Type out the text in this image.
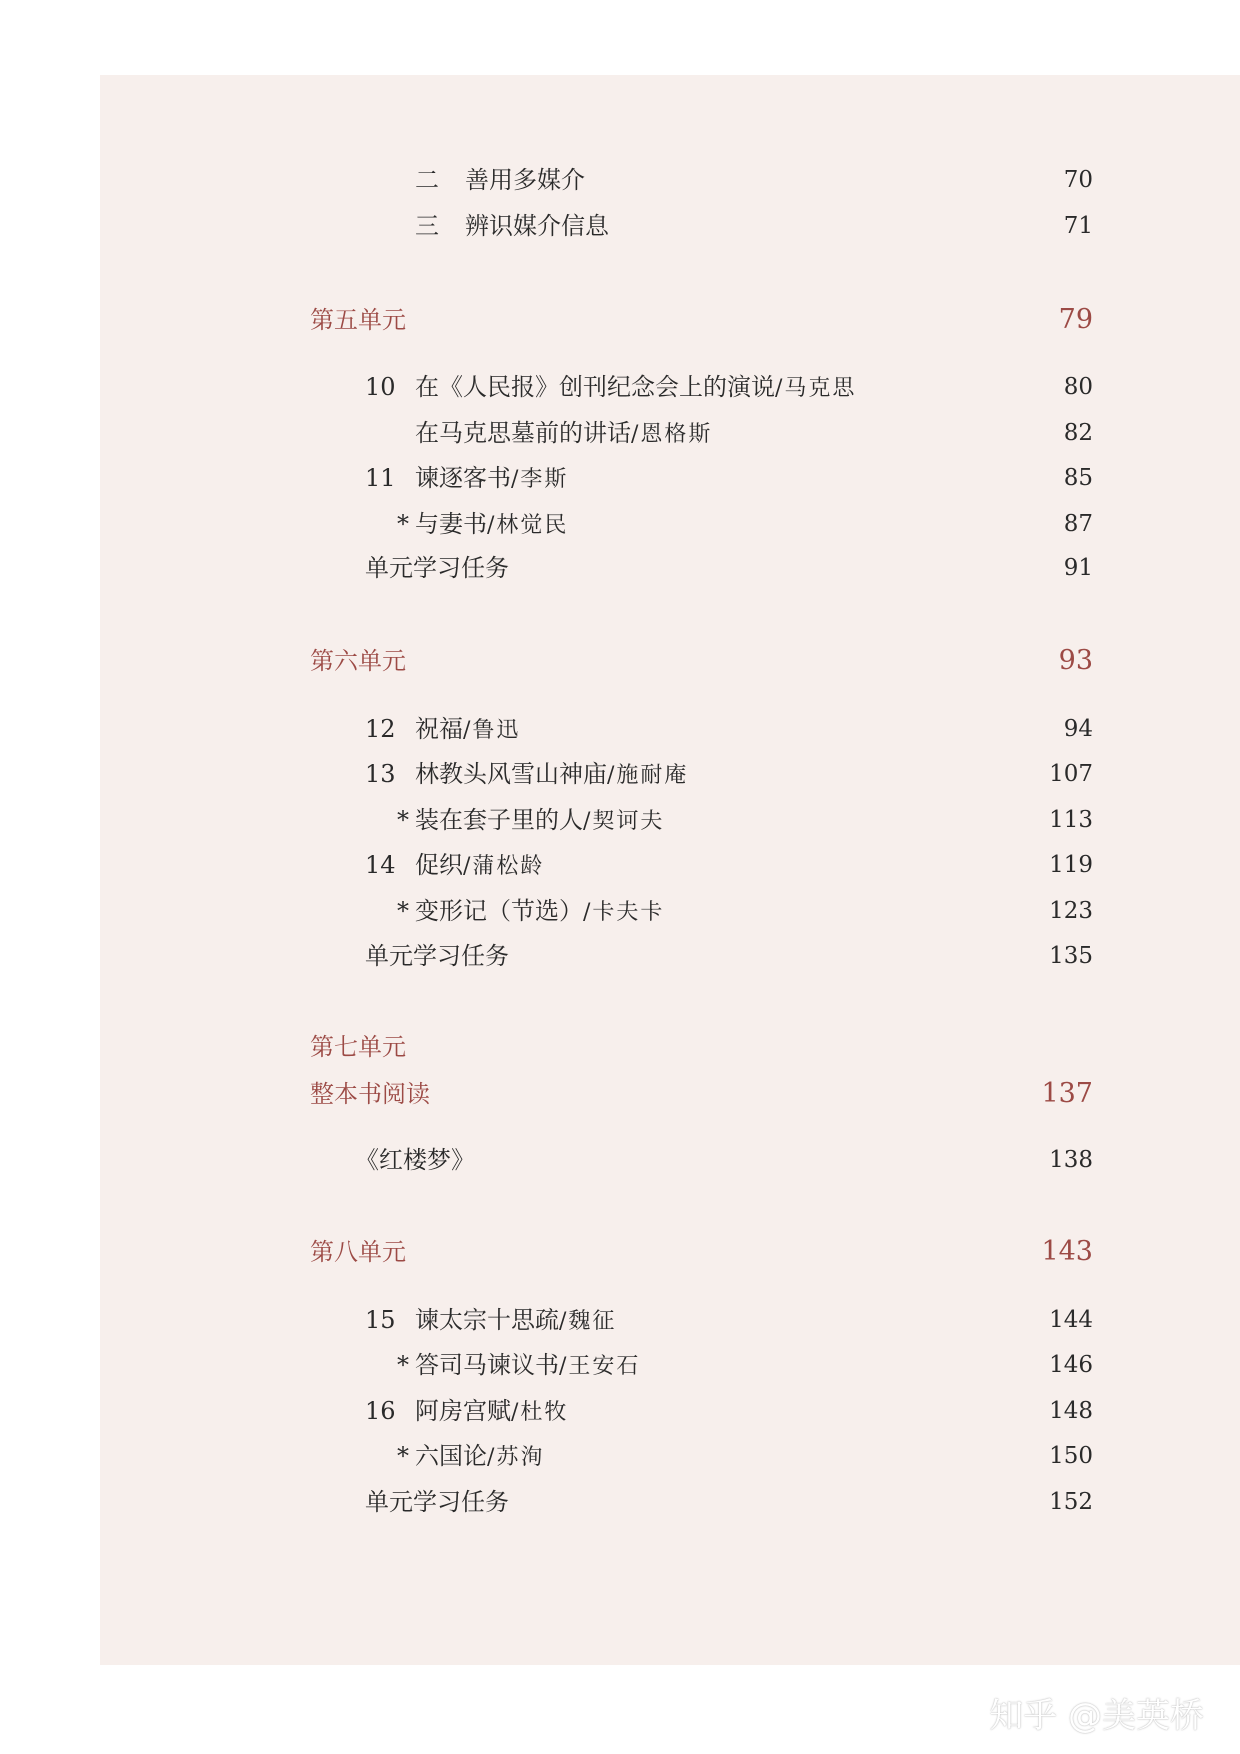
二 善用多媒介	70
三 辨识媒介信息	71
第五单元	79
10 在《人民报》创刊纪念会上的演说/马克思	80
在马克思墓前的讲话/恩格斯	82
11 谏逐客书/李斯	85
* 与妻书/林觉民	87
单元学习任务	91
第六单元	93
12 祝福/鲁迅	94
13 林教头风雪山神庙/施耐庵	107
* 装在套子里的人/契诃夫	113
14 促织/蒲松龄	119
* 变形记（节选）/卡夫卡	123
单元学习任务	135
第七单元
整本书阅读	137
《红楼梦》	138
第八单元	143
15 谏太宗十思疏/魏征	144
* 答司马谏议书/王安石	146
16 阿房宫赋/杜牧	148
* 六国论/苏洵	150
单元学习任务	152
知乎 @美英桥
